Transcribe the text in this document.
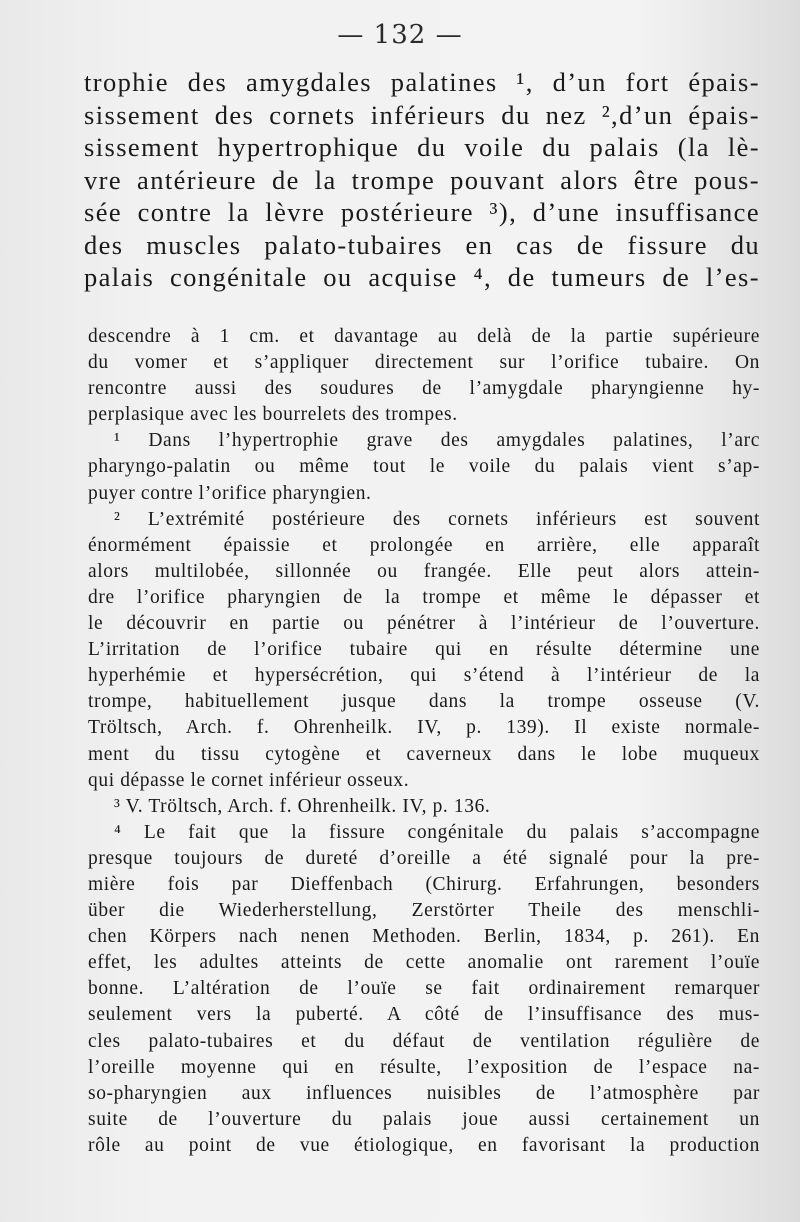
— 132 —
trophie des amygdales palatines ¹, d’un fort épais-
sissement des cornets inférieurs du nez ²,d’un épais-
sissement hypertrophique du voile du palais (la lè-
vre antérieure de la trompe pouvant alors être pous-
sée contre la lèvre postérieure ³), d’une insuffisance
des muscles palato-tubaires en cas de fissure du
palais congénitale ou acquise ⁴, de tumeurs de l’es-
descendre à 1 cm. et davantage au delà de la partie supérieure
du vomer et s’appliquer directement sur l’orifice tubaire. On
rencontre aussi des soudures de l’amygdale pharyngienne hy-
perplasique avec les bourrelets des trompes.
¹ Dans l’hypertrophie grave des amygdales palatines, l’arc
pharyngo-palatin ou même tout le voile du palais vient s’ap-
puyer contre l’orifice pharyngien.
² L’extrémité postérieure des cornets inférieurs est souvent
énormément épaissie et prolongée en arrière, elle apparaît
alors multilobée, sillonnée ou frangée. Elle peut alors attein-
dre l’orifice pharyngien de la trompe et même le dépasser et
le découvrir en partie ou pénétrer à l’intérieur de l’ouverture.
L’irritation de l’orifice tubaire qui en résulte détermine une
hyperhémie et hypersécrétion, qui s’étend à l’intérieur de la
trompe, habituellement jusque dans la trompe osseuse (V.
Tröltsch, Arch. f. Ohrenheilk. IV, p. 139). Il existe normale-
ment du tissu cytogène et caverneux dans le lobe muqueux
qui dépasse le cornet inférieur osseux.
³ V. Tröltsch, Arch. f. Ohrenheilk. IV, p. 136.
⁴ Le fait que la fissure congénitale du palais s’accompagne
presque toujours de dureté d’oreille a été signalé pour la pre-
mière fois par Dieffenbach (Chirurg. Erfahrungen, besonders
über die Wiederherstellung, Zerstörter Theile des menschli-
chen Körpers nach nenen Methoden. Berlin, 1834, p. 261). En
effet, les adultes atteints de cette anomalie ont rarement l’ouïe
bonne. L’altération de l’ouïe se fait ordinairement remarquer
seulement vers la puberté. A côté de l’insuffisance des mus-
cles palato-tubaires et du défaut de ventilation régulière de
l’oreille moyenne qui en résulte, l’exposition de l’espace na-
so-pharyngien aux influences nuisibles de l’atmosphère par
suite de l’ouverture du palais joue aussi certainement un
rôle au point de vue étiologique, en favorisant la production
